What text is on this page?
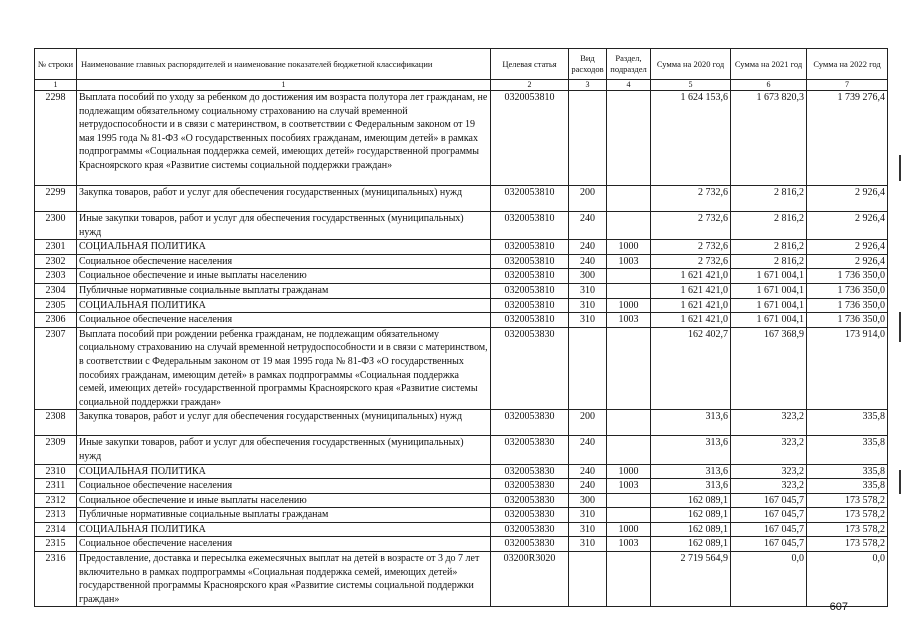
№ строки	Наименование главных распорядителей и наименование показателей бюджетной классификации	Целевая статья	Вид расходов	Раздел, подраздел	Сумма на 2020 год	Сумма на 2021 год	Сумма на 2022 год
1	1	2	3	4	5	6	7
2298	Выплата пособий по уходу за ребенком до достижения им возраста полутора лет гражданам, не подлежащим обязательному социальному страхованию на случай временной нетрудоспособности и в связи с материнством, в соответствии с Федеральным законом от 19 мая 1995 года № 81-ФЗ «О государственных пособиях гражданам, имеющим детей» в рамках подпрограммы «Социальная поддержка семей, имеющих детей» государственной программы Красноярского края «Развитие системы социальной поддержки граждан»	0320053810			1 624 153,6	1 673 820,3	1 739 276,4
2299	Закупка товаров, работ и услуг для обеспечения государственных (муниципальных) нужд	0320053810	200		2 732,6	2 816,2	2 926,4
2300	Иные закупки товаров, работ и услуг для обеспечения государственных (муниципальных) нужд	0320053810	240		2 732,6	2 816,2	2 926,4
2301	СОЦИАЛЬНАЯ ПОЛИТИКА	0320053810	240	1000	2 732,6	2 816,2	2 926,4
2302	Социальное обеспечение населения	0320053810	240	1003	2 732,6	2 816,2	2 926,4
2303	Социальное обеспечение и иные выплаты населению	0320053810	300		1 621 421,0	1 671 004,1	1 736 350,0
2304	Публичные нормативные социальные выплаты гражданам	0320053810	310		1 621 421,0	1 671 004,1	1 736 350,0
2305	СОЦИАЛЬНАЯ ПОЛИТИКА	0320053810	310	1000	1 621 421,0	1 671 004,1	1 736 350,0
2306	Социальное обеспечение населения	0320053810	310	1003	1 621 421,0	1 671 004,1	1 736 350,0
2307	Выплата пособий при рождении ребенка гражданам, не подлежащим обязательному социальному страхованию на случай временной нетрудоспособности и в связи с материнством, в соответствии с Федеральным законом от 19 мая 1995 года № 81-ФЗ «О государственных пособиях гражданам, имеющим детей» в рамках подпрограммы «Социальная поддержка семей, имеющих детей» государственной программы Красноярского края «Развитие системы социальной поддержки граждан»	0320053830			162 402,7	167 368,9	173 914,0
2308	Закупка товаров, работ и услуг для обеспечения государственных (муниципальных) нужд	0320053830	200		313,6	323,2	335,8
2309	Иные закупки товаров, работ и услуг для обеспечения государственных (муниципальных) нужд	0320053830	240		313,6	323,2	335,8
2310	СОЦИАЛЬНАЯ ПОЛИТИКА	0320053830	240	1000	313,6	323,2	335,8
2311	Социальное обеспечение населения	0320053830	240	1003	313,6	323,2	335,8
2312	Социальное обеспечение и иные выплаты населению	0320053830	300		162 089,1	167 045,7	173 578,2
2313	Публичные нормативные социальные выплаты гражданам	0320053830	310		162 089,1	167 045,7	173 578,2
2314	СОЦИАЛЬНАЯ ПОЛИТИКА	0320053830	310	1000	162 089,1	167 045,7	173 578,2
2315	Социальное обеспечение населения	0320053830	310	1003	162 089,1	167 045,7	173 578,2
2316	Предоставление, доставка и пересылка ежемесячных выплат на детей в возрасте от 3 до 7 лет включительно в рамках подпрограммы «Социальная поддержка семей, имеющих детей» государственной программы Красноярского края «Развитие системы социальной поддержки граждан»	03200R3020			2 719 564,9	0,0	0,0
607
